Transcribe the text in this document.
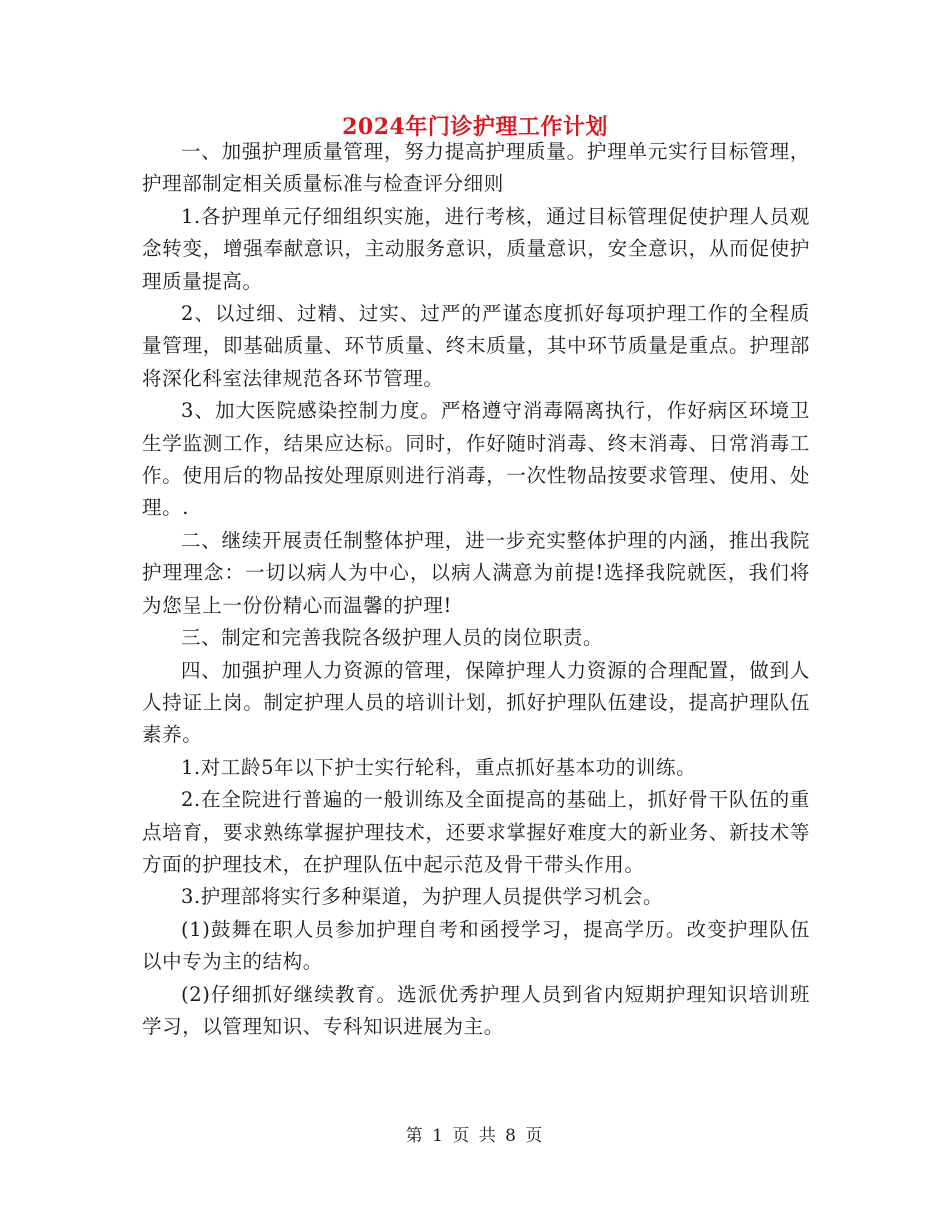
2024年门诊护理工作计划

一、加强护理质量管理，努力提高护理质量。护理单元实行目标管理，护理部制定相关质量标准与检查评分细则

1.各护理单元仔细组织实施，进行考核，通过目标管理促使护理人员观念转变，增强奉献意识，主动服务意识，质量意识，安全意识，从而促使护理质量提高。

2、以过细、过精、过实、过严的严谨态度抓好每项护理工作的全程质量管理，即基础质量、环节质量、终末质量，其中环节质量是重点。护理部将深化科室法律规范各环节管理。

3、加大医院感染控制力度。严格遵守消毒隔离执行，作好病区环境卫生学监测工作，结果应达标。同时，作好随时消毒、终末消毒、日常消毒工作。使用后的物品按处理原则进行消毒，一次性物品按要求管理、使用、处理。.

二、继续开展责任制整体护理，进一步充实整体护理的内涵，推出我院护理理念：一切以病人为中心，以病人满意为前提!选择我院就医，我们将为您呈上一份份精心而温馨的护理!

三、制定和完善我院各级护理人员的岗位职责。

四、加强护理人力资源的管理，保障护理人力资源的合理配置，做到人人持证上岗。制定护理人员的培训计划，抓好护理队伍建设，提高护理队伍素养。

1.对工龄5年以下护士实行轮科，重点抓好基本功的训练。

2.在全院进行普遍的一般训练及全面提高的基础上，抓好骨干队伍的重点培育，要求熟练掌握护理技术，还要求掌握好难度大的新业务、新技术等方面的护理技术，在护理队伍中起示范及骨干带头作用。

3.护理部将实行多种渠道，为护理人员提供学习机会。

(1)鼓舞在职人员参加护理自考和函授学习，提高学历。改变护理队伍以中专为主的结构。

(2)仔细抓好继续教育。选派优秀护理人员到省内短期护理知识培训班学习，以管理知识、专科知识进展为主。

第 1 页 共 8 页
